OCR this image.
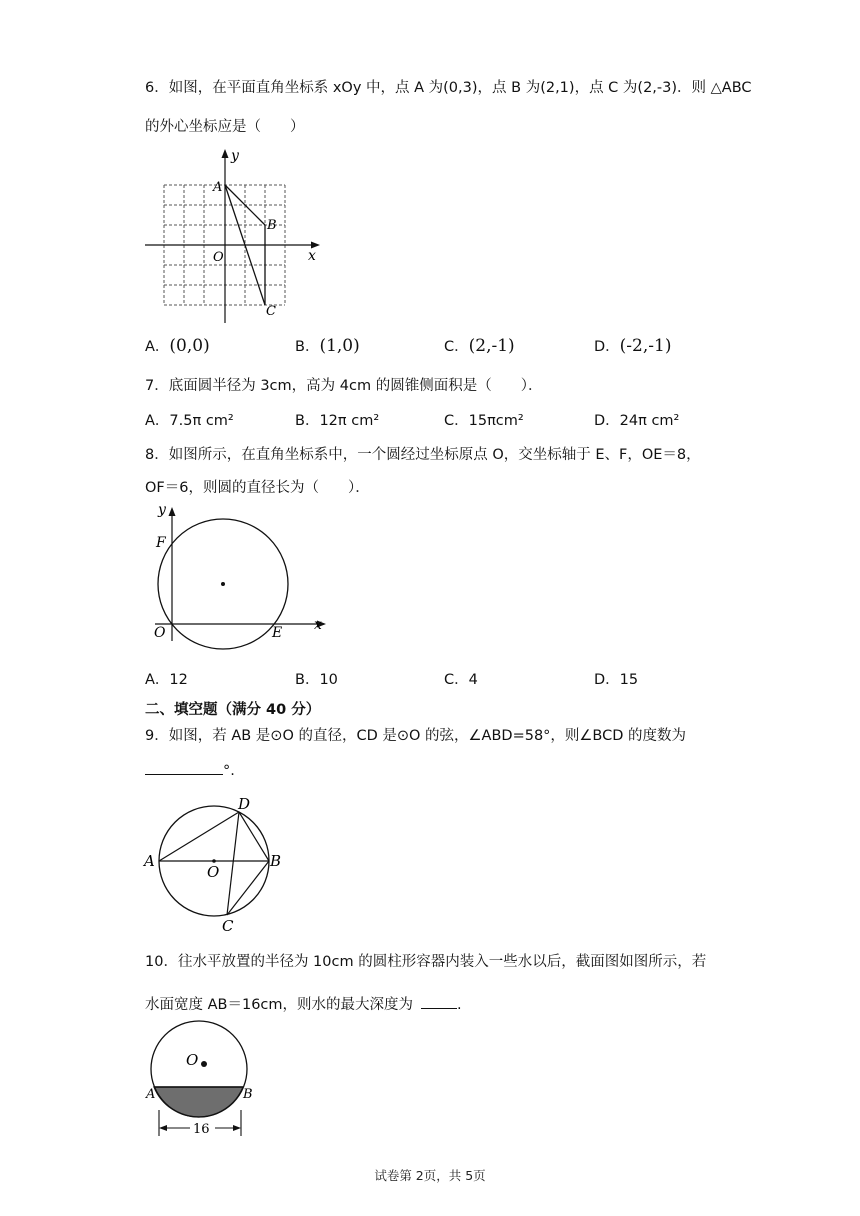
6．如图，在平面直角坐标系 xOy 中，点 A 为(0,3)，点 B 为(2,1)，点 C 为(2,-3)．则 △ABC
的外心坐标应是（　　）
y
x
O
A
B
C
A．(0,0)	B．(1,0)	C．(2,-1)	D．(-2,-1)
7．底面圆半径为 3cm，高为 4cm 的圆锥侧面积是（　　）．
A．7.5π cm²	B．12π cm²	C．15πcm²	D．24π cm²
8．如图所示，在直角坐标系中，一个圆经过坐标原点 O，交坐标轴于 E、F，OE＝8，
OF＝6，则圆的直径长为（　　）．
y
x
F
O	E
A．12	B．10	C．4	D．15
二、填空题（满分 40 分）
9．如图，若 AB 是⊙O 的直径，CD 是⊙O 的弦，∠ABD=58°，则∠BCD 的度数为
°.
A	B
D
C
O
10．往水平放置的半径为 10cm 的圆柱形容器内装入一些水以后，截面图如图所示，若
水面宽度 AB＝16cm，则水的最大深度为	.
O
A	B
16
试卷第 2页，共 5页
